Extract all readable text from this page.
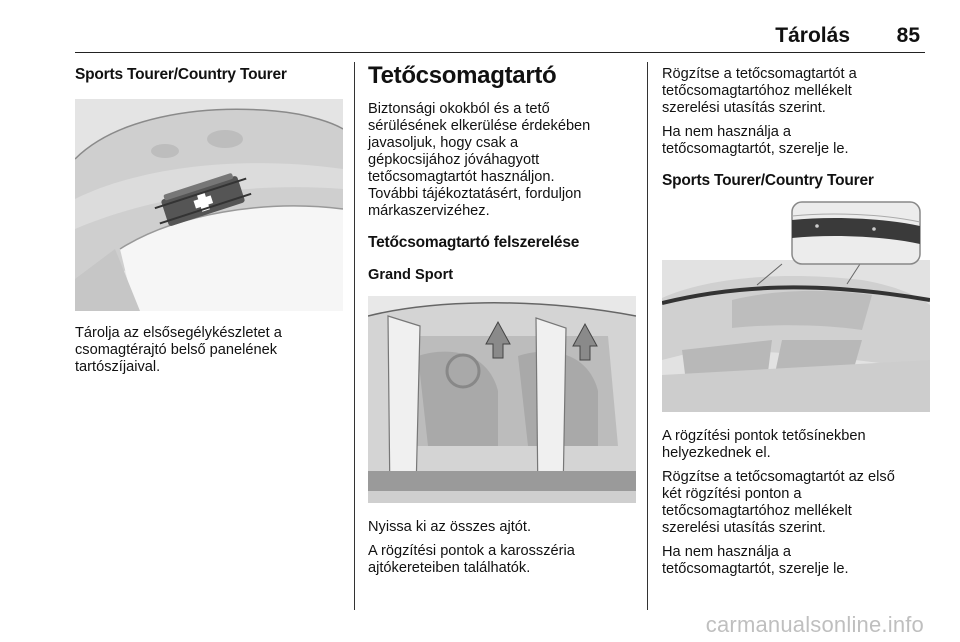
Tárolás 85
Sports Tourer/Country Tourer

Tárolja az elsősegélykészletet a
csomagtérajtó belső panelének
tartószíjaival.

Tetőcsomagtartó

Biztonsági okokból és a tető
sérülésének elkerülése érdekében
javasoljuk, hogy csak a
gépkocsijához jóváhagyott
tetőcsomagtartót használjon.
További tájékoztatásért, forduljon
márkaszervizéhez.

Tetőcsomagtartó felszerelése
Grand Sport

Nyissa ki az összes ajtót.

A rögzítési pontok a karosszéria
ajtókereteiben találhatók.

Rögzítse a tetőcsomagtartót a
tetőcsomagtartóhoz mellékelt
szerelési utasítás szerint.

Ha nem használja a
tetőcsomagtartót, szerelje le.

Sports Tourer/Country Tourer

A rögzítési pontok tetősínekben
helyezkednek el.

Rögzítse a tetőcsomagtartót az első
két rögzítési ponton a
tetőcsomagtartóhoz mellékelt
szerelési utasítás szerint.

Ha nem használja a
tetőcsomagtartót, szerelje le.

carmanualsonline.info
